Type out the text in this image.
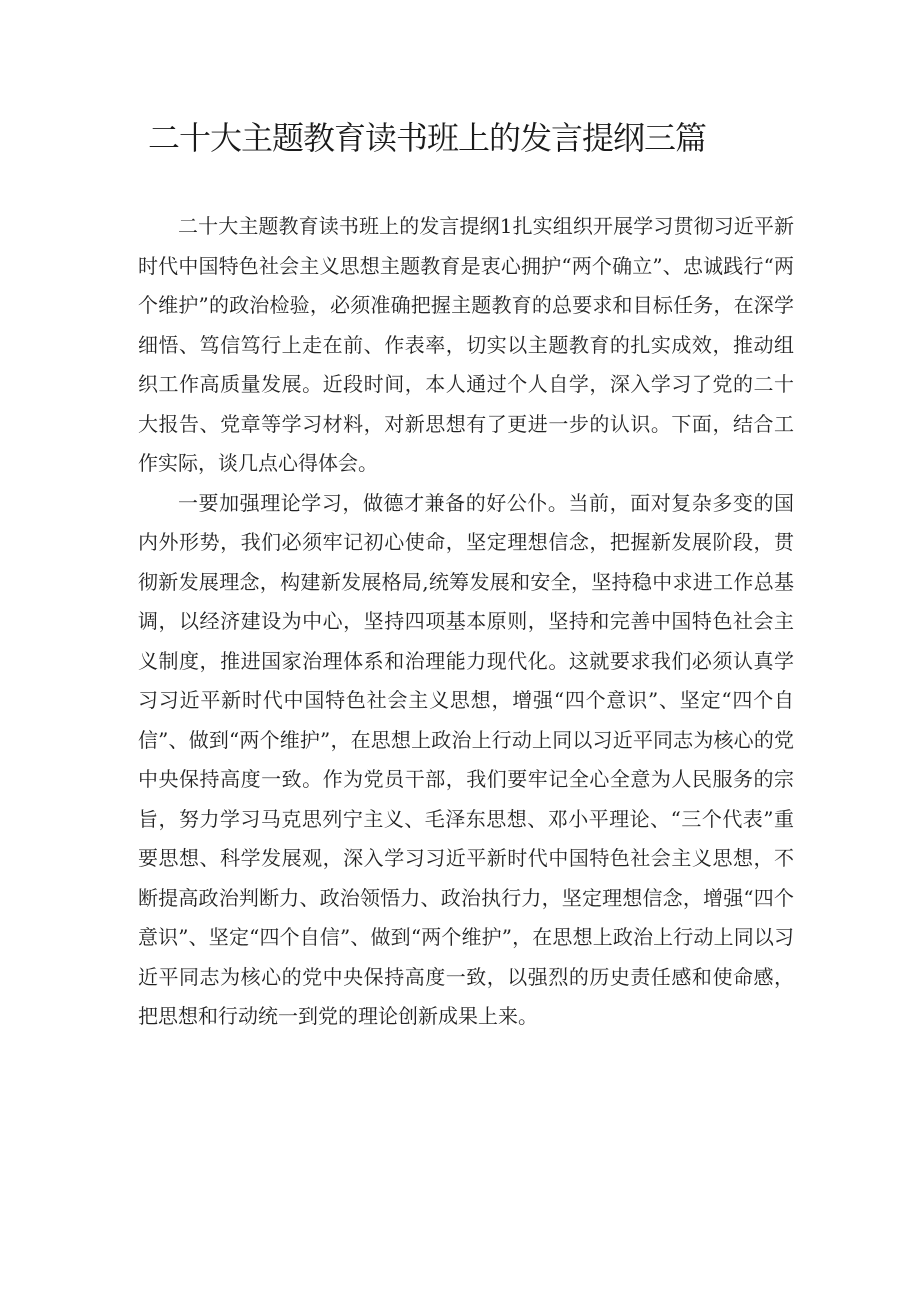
二十大主题教育读书班上的发言提纲三篇

二十大主题教育读书班上的发言提纲1扎实组织开展学习贯彻习近平新时代中国特色社会主义思想主题教育是衷心拥护“两个确立”、忠诚践行“两个维护”的政治检验，必须准确把握主题教育的总要求和目标任务，在深学细悟、笃信笃行上走在前、作表率，切实以主题教育的扎实成效，推动组织工作高质量发展。近段时间，本人通过个人自学，深入学习了党的二十大报告、党章等学习材料，对新思想有了更进一步的认识。下面，结合工作实际，谈几点心得体会。

一要加强理论学习，做德才兼备的好公仆。当前，面对复杂多变的国内外形势，我们必须牢记初心使命，坚定理想信念，把握新发展阶段，贯彻新发展理念，构建新发展格局,统筹发展和安全，坚持稳中求进工作总基调，以经济建设为中心，坚持四项基本原则，坚持和完善中国特色社会主义制度，推进国家治理体系和治理能力现代化。这就要求我们必须认真学习习近平新时代中国特色社会主义思想，增强“四个意识”、坚定“四个自信”、做到“两个维护”，在思想上政治上行动上同以习近平同志为核心的党中央保持高度一致。作为党员干部，我们要牢记全心全意为人民服务的宗旨，努力学习马克思列宁主义、毛泽东思想、邓小平理论、“三个代表”重要思想、科学发展观，深入学习习近平新时代中国特色社会主义思想，不断提高政治判断力、政治领悟力、政治执行力，坚定理想信念，增强“四个意识”、坚定“四个自信”、做到“两个维护”，在思想上政治上行动上同以习近平同志为核心的党中央保持高度一致，以强烈的历史责任感和使命感，把思想和行动统一到党的理论创新成果上来。
